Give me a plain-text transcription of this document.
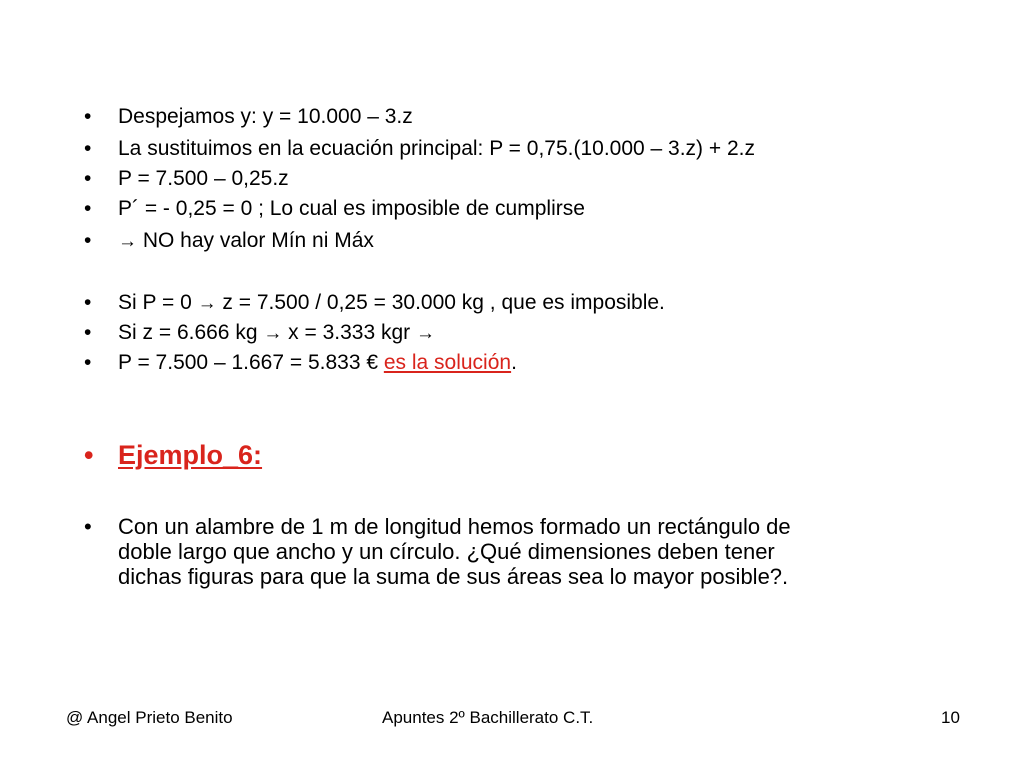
•	Despejamos y: y = 10.000 – 3.z
•	La sustituimos en la ecuación principal: P = 0,75.(10.000 – 3.z) + 2.z
•	P = 7.500 – 0,25.z
•	P´ = - 0,25 = 0 ; Lo cual es imposible de cumplirse
•	→ NO hay valor Mín ni Máx
•	Si P = 0 → z = 7.500 / 0,25 = 30.000 kg , que es imposible.
•	Si z = 6.666 kg → x = 3.333 kgr →
•	P = 7.500 – 1.667 = 5.833 € es la solución.
• Ejemplo_6:
• Con un alambre de 1 m de longitud hemos formado un rectángulo de
doble largo que ancho y un círculo. ¿Qué dimensiones deben tener
dichas figuras para que la suma de sus áreas sea lo mayor posible?.
@ Angel Prieto Benito	Apuntes 2º Bachillerato C.T.	10
